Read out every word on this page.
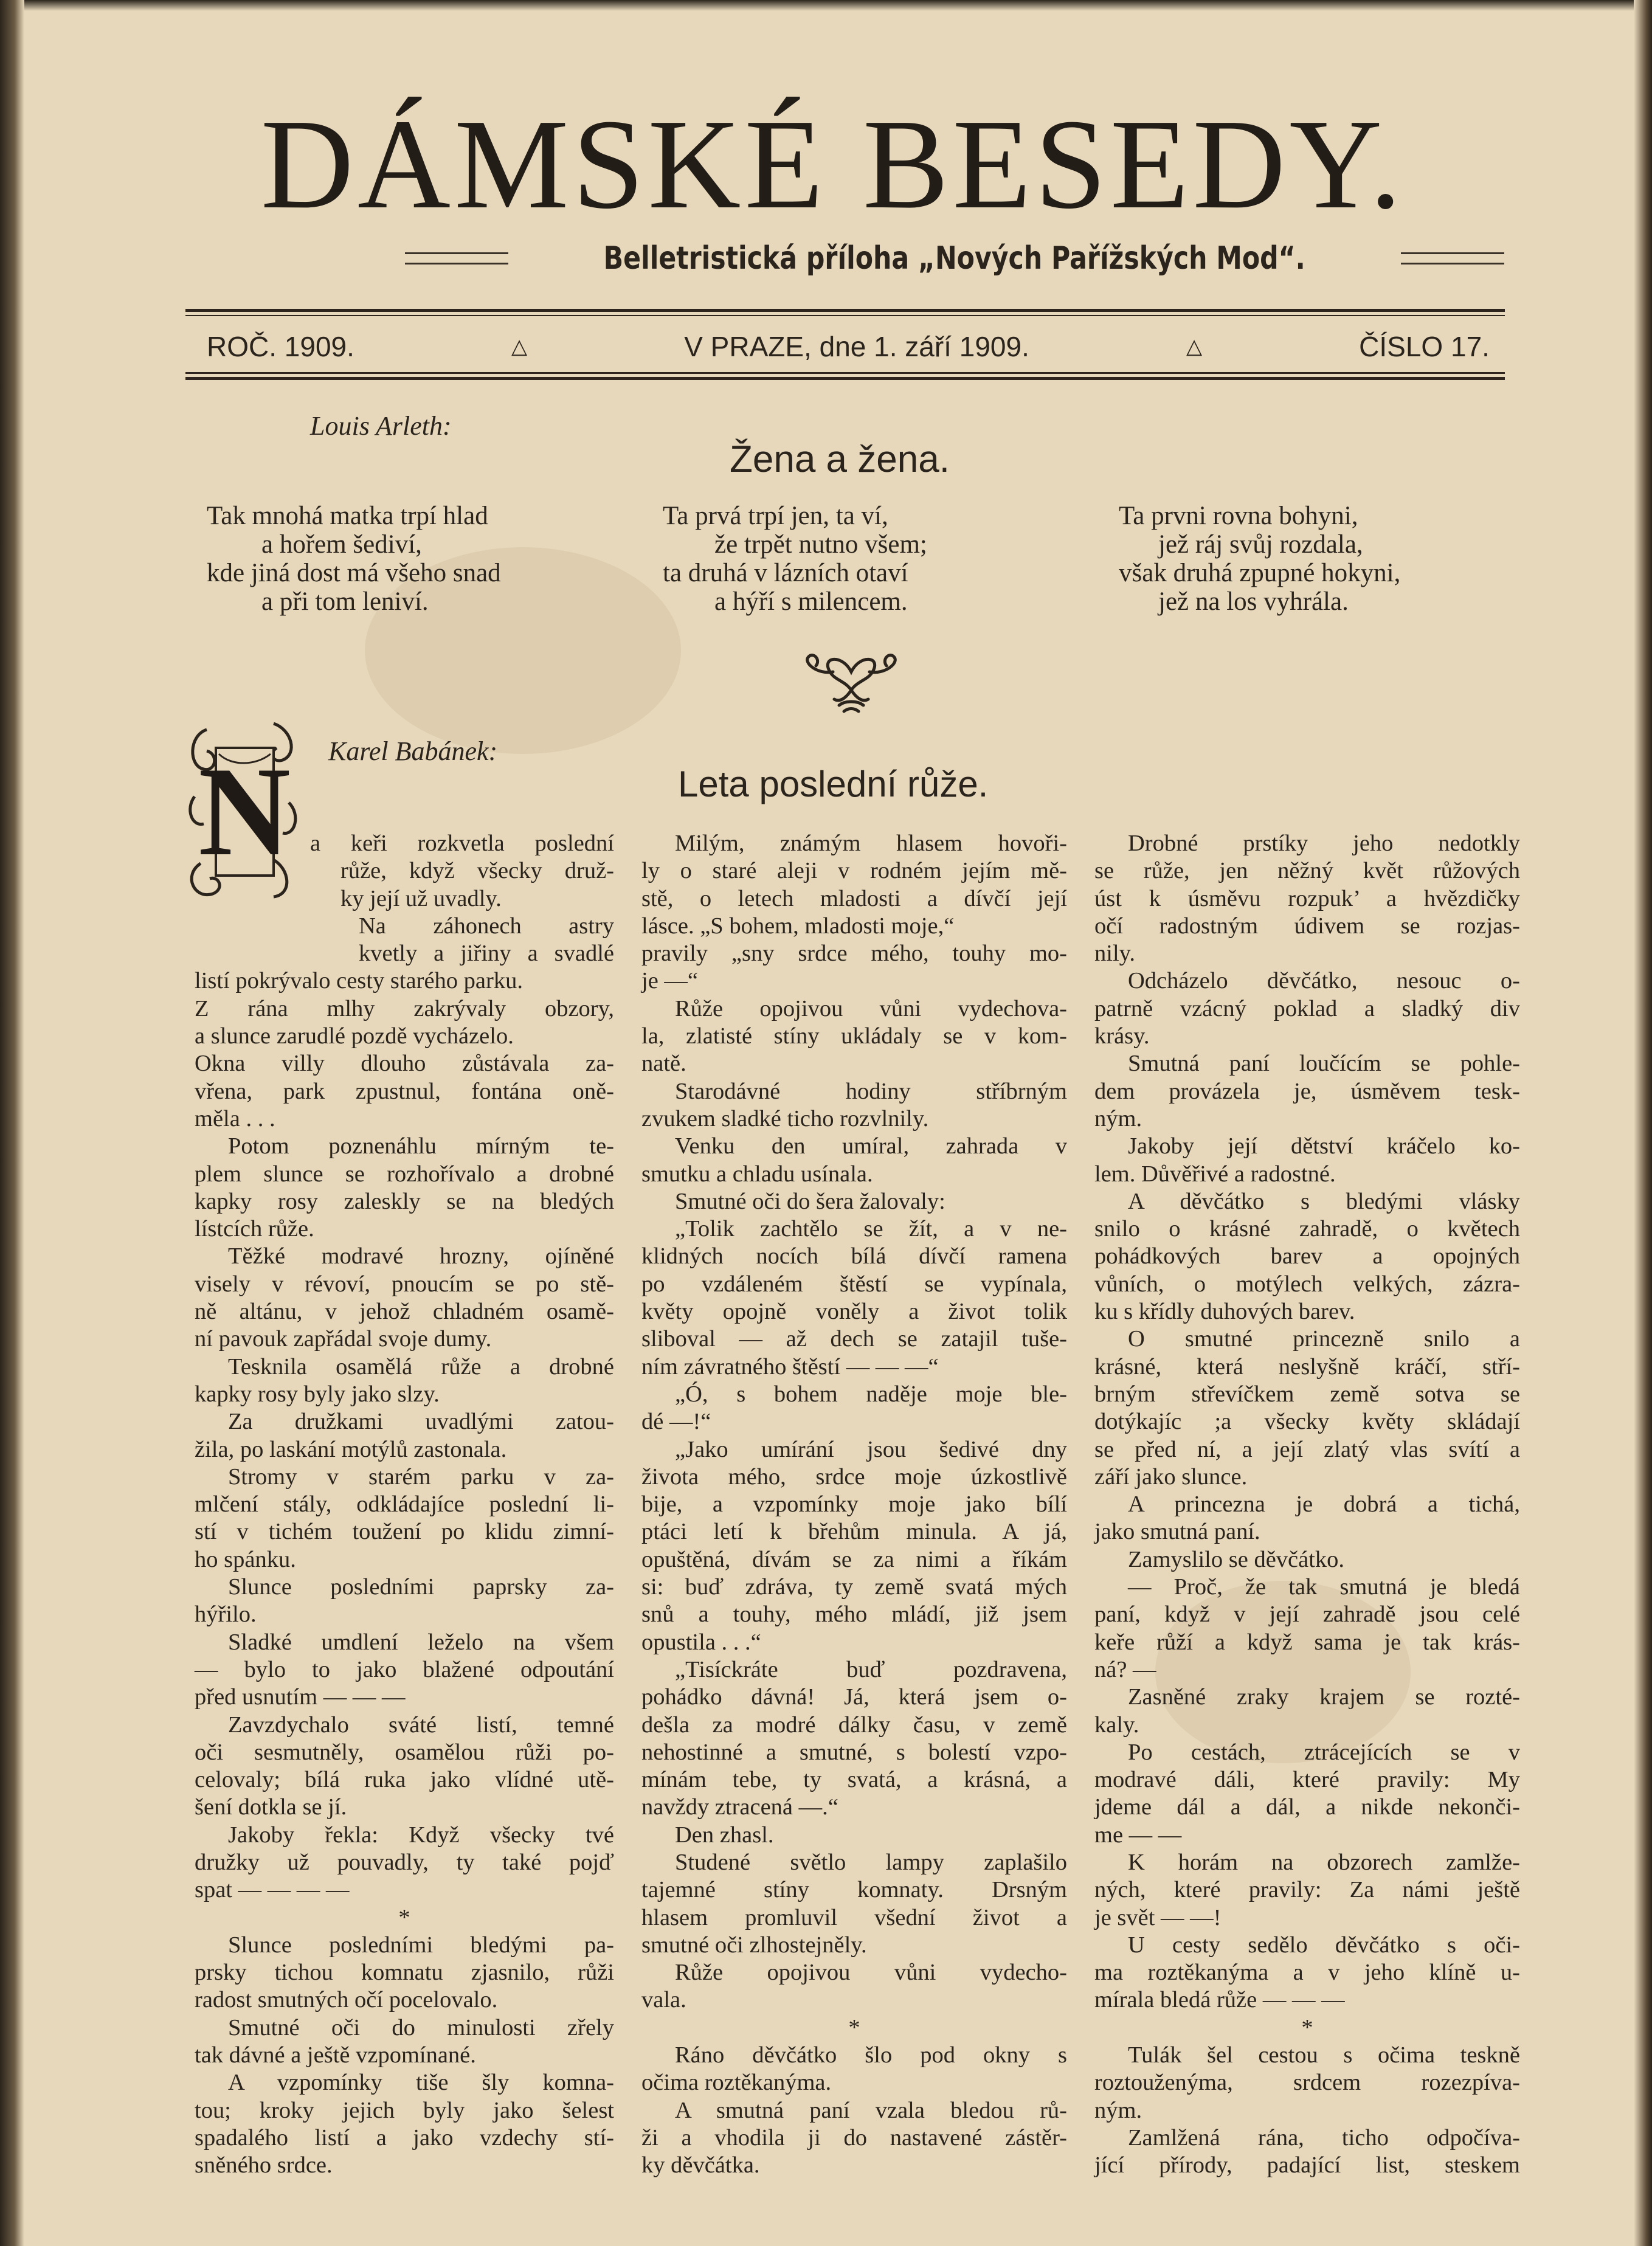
DÁMSKÉ BESEDY.
Belletristická příloha „Nových Pařížských Mod“.
ROČ. 1909.	△	V PRAZE, dne 1. září 1909.	△	ČÍSLO 17.
Louis Arleth:
Žena a žena.
Tak mnohá matka trpí hlad
a hořem šediví,
kde jiná dost má všeho snad
a při tom leniví.
Ta prvá trpí jen, ta ví,
že trpět nutno všem;
ta druhá v lázních otaví
a hýří s milencem.
Ta prvni rovna bohyni,
jež ráj svůj rozdala,
však druhá zpupné hokyni,
jež na los vyhrála.
N Karel Babánek:
Leta poslední růže.
a keři rozkvetla poslední
růže, když všecky druž-
ky její už uvadly.
Na záhonech astry
kvetly a jiřiny a svadlé
listí pokrývalo cesty starého parku.
Z rána mlhy zakrývaly obzory,
a slunce zarudlé pozdě vycházelo.
Okna villy dlouho zůstávala za-
vřena, park zpustnul, fontána oně-
měla . . .
Potom poznenáhlu mírným te-
plem slunce se rozhořívalo a drobné
kapky rosy zaleskly se na bledých
lístcích růže.
Těžké modravé hrozny, ojíněné
visely v révoví, pnoucím se po stě-
ně altánu, v jehož chladném osamě-
ní pavouk zapřádal svoje dumy.
Tesknila osamělá růže a drobné
kapky rosy byly jako slzy.
Za družkami uvadlými zatou-
žila, po laskání motýlů zastonala.
Stromy v starém parku v za-
mlčení stály, odkládajíce poslední li-
stí v tichém toužení po klidu zimní-
ho spánku.
Slunce posledními paprsky za-
hýřilo.
Sladké umdlení leželo na všem
— bylo to jako blažené odpoutání
před usnutím — — —
Zavzdychalo sváté listí, temné
oči sesmutněly, osamělou růži po-
celovaly; bílá ruka jako vlídné utě-
šení dotkla se jí.
Jakoby řekla: Když všecky tvé
družky už pouvadly, ty také pojď
spat — — — —
*
Slunce posledními bledými pa-
prsky tichou komnatu zjasnilo, růži
radost smutných očí pocelovalo.
Smutné oči do minulosti zřely
tak dávné a ještě vzpomínané.
A vzpomínky tiše šly komna-
tou; kroky jejich byly jako šelest
spadalého listí a jako vzdechy stí-
sněného srdce.
Milým, známým hlasem hovoři-
ly o staré aleji v rodném jejím mě-
stě, o letech mladosti a dívčí její
lásce. „S bohem, mladosti moje,“
pravily „sny srdce mého, touhy mo-
je —“
Růže opojivou vůni vydechova-
la, zlatisté stíny ukládaly se v kom-
natě.
Starodávné hodiny stříbrným
zvukem sladké ticho rozvlnily.
Venku den umíral, zahrada v
smutku a chladu usínala.
Smutné oči do šera žalovaly:
„Tolik zachtělo se žít, a v ne-
klidných nocích bílá dívčí ramena
po vzdáleném štěstí se vypínala,
květy opojně voněly a život tolik
sliboval — až dech se zatajil tuše-
ním závratného štěstí — — —“
„Ó, s bohem naděje moje ble-
dé —!“
„Jako umírání jsou šedivé dny
života mého, srdce moje úzkostlivě
bije, a vzpomínky moje jako bílí
ptáci letí k břehům minula. A já,
opuštěná, dívám se za nimi a říkám
si: buď zdráva, ty země svatá mých
snů a touhy, mého mládí, již jsem
opustila . . .“
„Tisíckráte buď pozdravena,
pohádko dávná! Já, která jsem o-
dešla za modré dálky času, v země
nehostinné a smutné, s bolestí vzpo-
mínám tebe, ty svatá, a krásná, a
navždy ztracená —.“
Den zhasl.
Studené světlo lampy zaplašilo
tajemné stíny komnaty. Drsným
hlasem promluvil všední život a
smutné oči zlhostejněly.
Růže opojivou vůni vydecho-
vala.
*
Ráno děvčátko šlo pod okny s
očima roztěkanýma.
A smutná paní vzala bledou rů-
ži a vhodila ji do nastavené zástěr-
ky děvčátka.
Drobné prstíky jeho nedotkly
se růže, jen něžný květ růžových
úst k úsměvu rozpuk’ a hvězdičky
očí radostným údivem se rozjas-
nily.
Odcházelo děvčátko, nesouc o-
patrně vzácný poklad a sladký div
krásy.
Smutná paní loučícím se pohle-
dem provázela je, úsměvem tesk-
ným.
Jakoby její dětství kráčelo ko-
lem. Důvěřivé a radostné.
A děvčátko s bledými vlásky
snilo o krásné zahradě, o květech
pohádkových barev a opojných
vůních, o motýlech velkých, zázra-
ku s křídly duhových barev.
O smutné princezně snilo a
krásné, která neslyšně kráčí, stří-
brným střevíčkem země sotva se
dotýkajíc ;a všecky květy skládají
se před ní, a její zlatý vlas svítí a
září jako slunce.
A princezna je dobrá a tichá,
jako smutná paní.
Zamyslilo se děvčátko.
— Proč, že tak smutná je bledá
paní, když v její zahradě jsou celé
keře růží a když sama je tak krás-
ná? —
Zasněné zraky krajem se rozté-
kaly.
Po cestách, ztrácejících se v
modravé dáli, které pravily: My
jdeme dál a dál, a nikde nekonči-
me — —
K horám na obzorech zamlže-
ných, které pravily: Za námi ještě
je svět — —!
U cesty sedělo děvčátko s oči-
ma roztěkanýma a v jeho klíně u-
mírala bledá růže — — —
*
Tulák šel cestou s očima teskně
roztouženýma, srdcem rozezpíva-
ným.
Zamlžená rána, ticho odpočíva-
jící přírody, padající list, steskem
